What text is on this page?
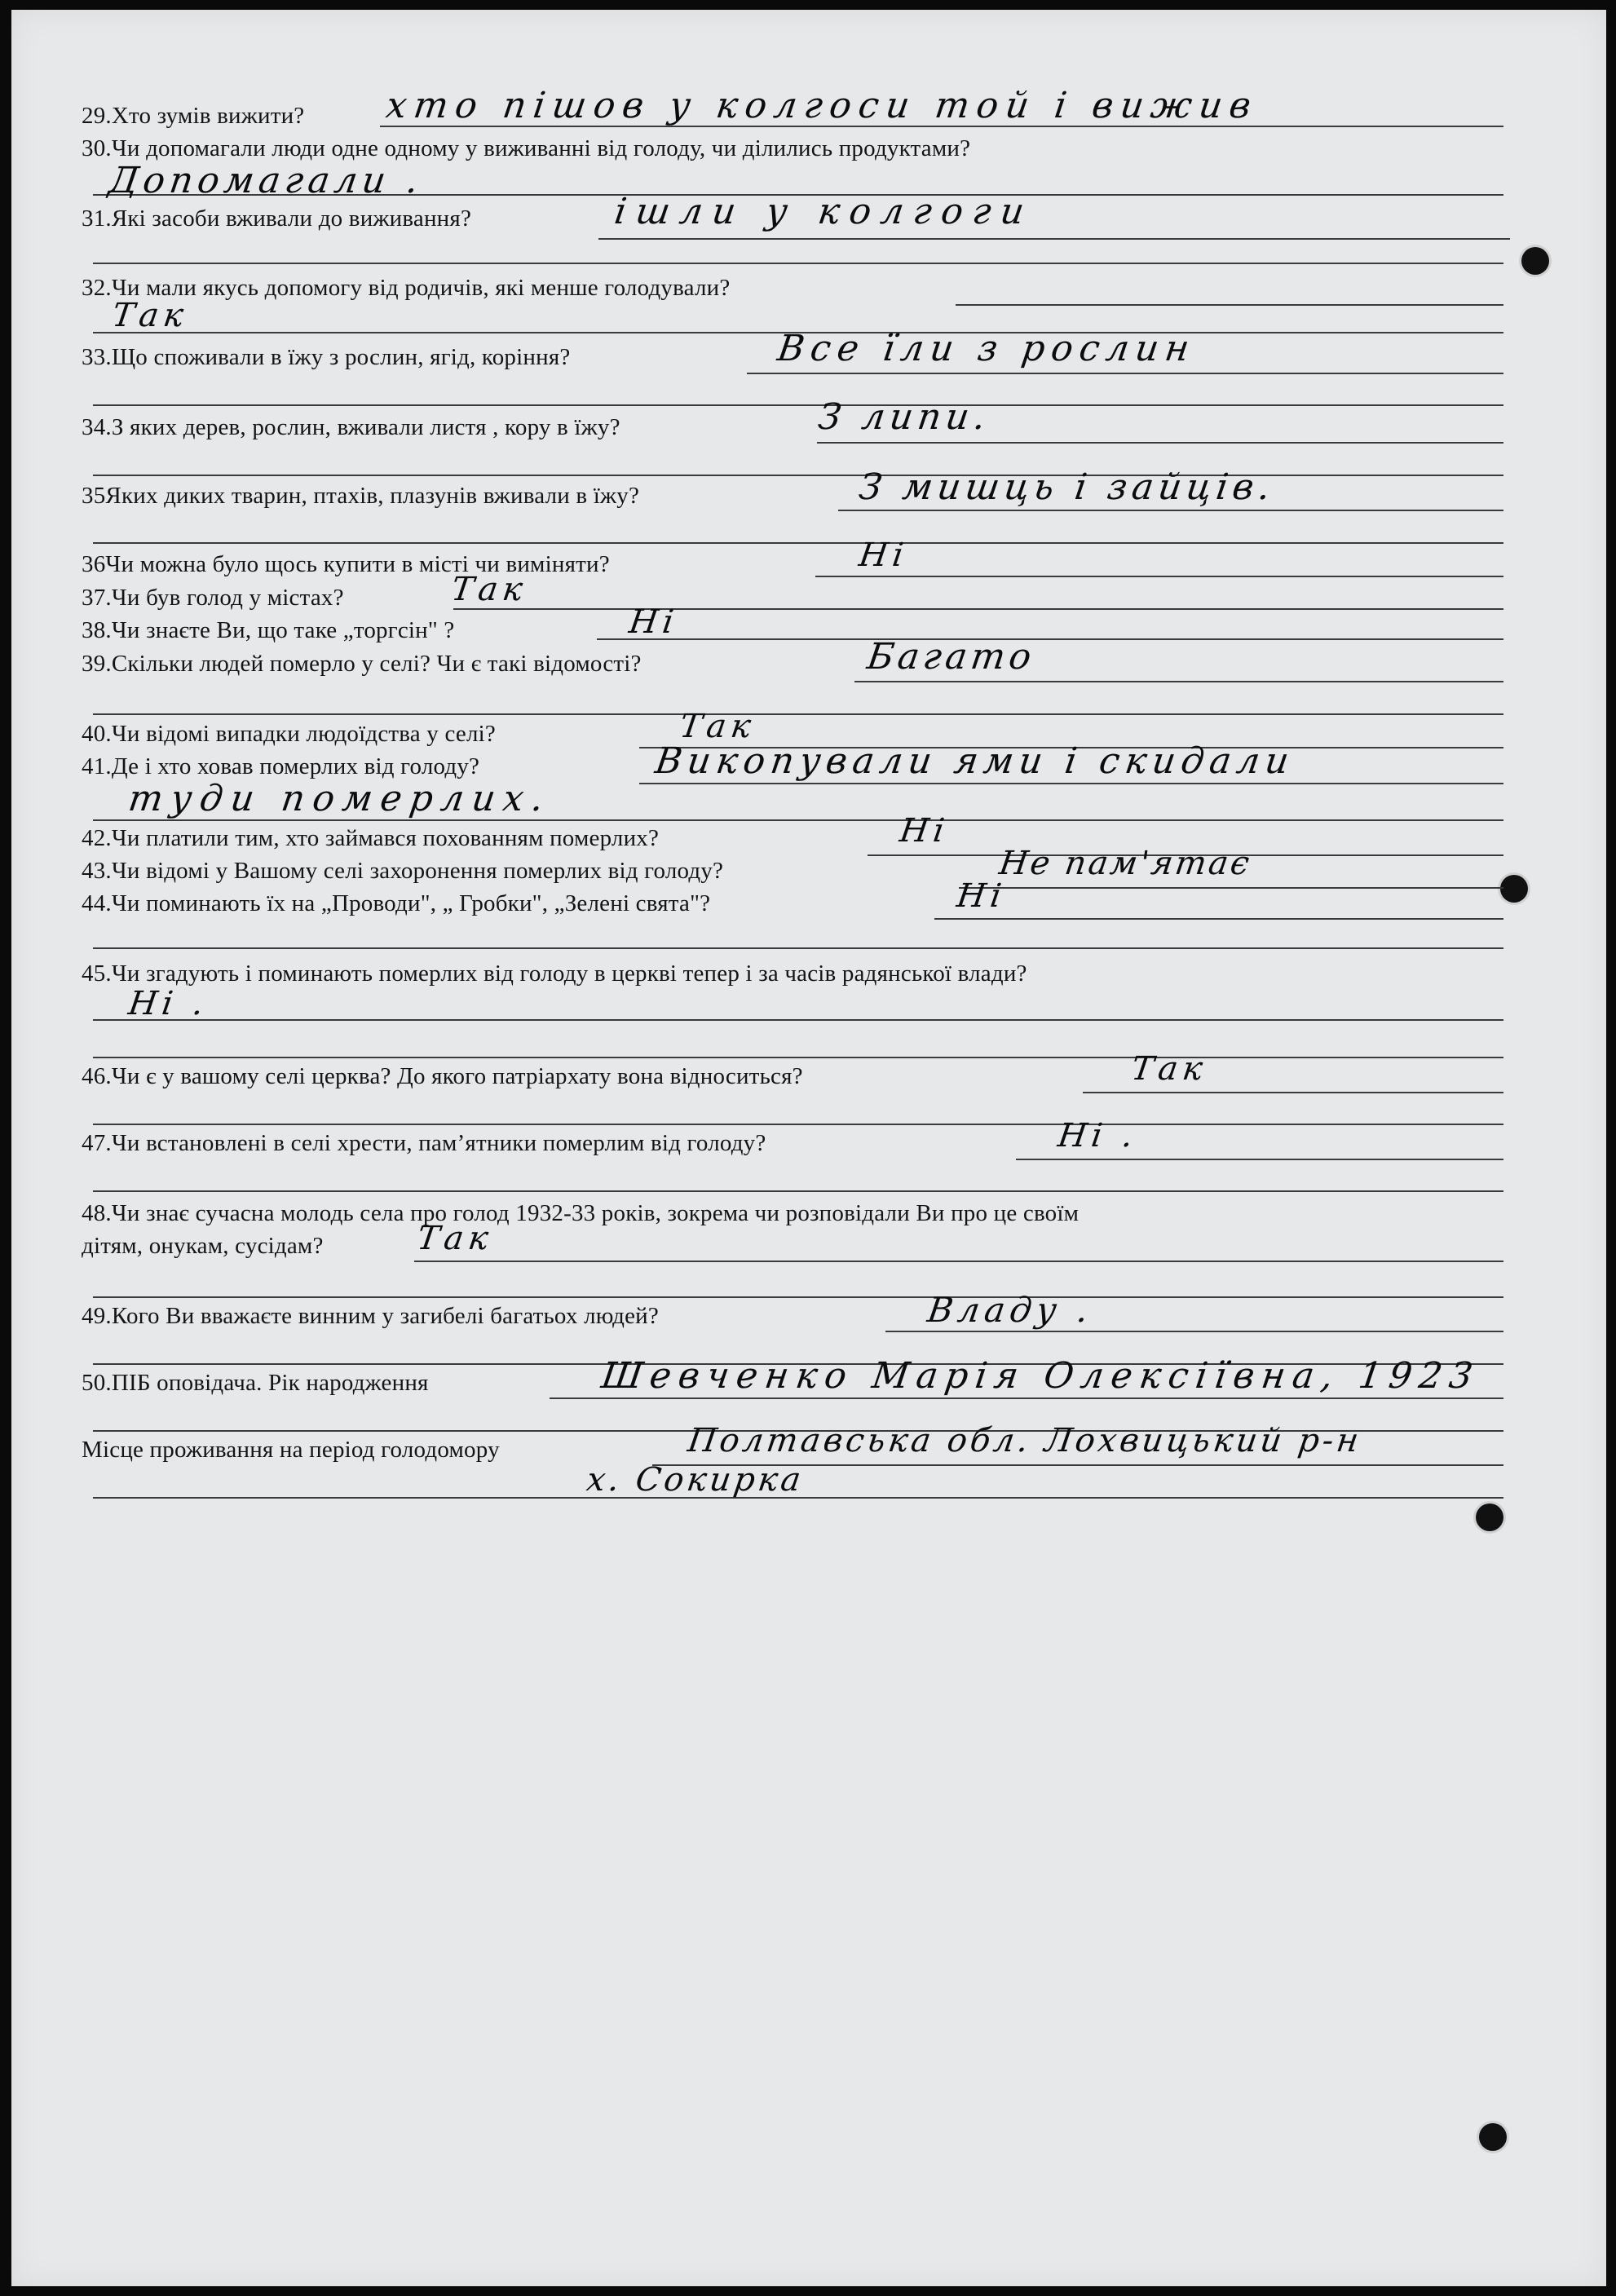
29.Хто зумів вижити?
30.Чи допомагали люди одне одному у виживанні від голоду, чи ділились продуктами?
31.Які засоби вживали до виживання?
32.Чи мали якусь допомогу від родичів, які менше голодували?
33.Що споживали в їжу з рослин, ягід, коріння?
34.З яких дерев, рослин, вживали листя , кору в їжу?
35Яких диких тварин, птахів, плазунів вживали в їжу?
36Чи можна було щось купити в місті чи виміняти?
37.Чи був голод у містах?
38.Чи знаєте Ви, що таке „торгсін" ?
39.Скільки людей померло у селі? Чи є такі відомості?
40.Чи відомі випадки людоїдства у селі?
41.Де і хто ховав померлих від голоду?
42.Чи платили тим, хто займався похованням померлих?
43.Чи відомі у Вашому селі захоронення померлих від голоду?
44.Чи поминають їх на „Проводи", „ Гробки", „Зелені свята"?
45.Чи згадують і поминають померлих від голоду в церкві тепер і за часів радянської влади?
46.Чи є у вашому селі церква? До якого патріархату вона відноситься?
47.Чи встановлені в селі хрести, пам’ятники померлим від голоду?
48.Чи знає сучасна молодь села про голод 1932-33 років, зокрема чи розповідали Ви про це своїм
дітям, онукам, сусідам?
49.Кого Ви вважаєте винним у загибелі багатьох людей?
50.ПІБ оповідача. Рік народження
Місце проживання на період голодомору
хто пішов у колгоси той і вижив
Допомагали .
ішли у колгоги
Так
Все їли з рослин
З липи.
З мишць і зайців.
Ні
Так
Ні
Багато
Так
Викопували ями і скидали
туди померлих.
Ні
Не пам'ятає
Ні
Ні .
Так
Ні .
Так
Владу .
Шевченко Марія Олексіївна, 1923
Полтавська обл. Лохвицький р-н
х. Сокирка
